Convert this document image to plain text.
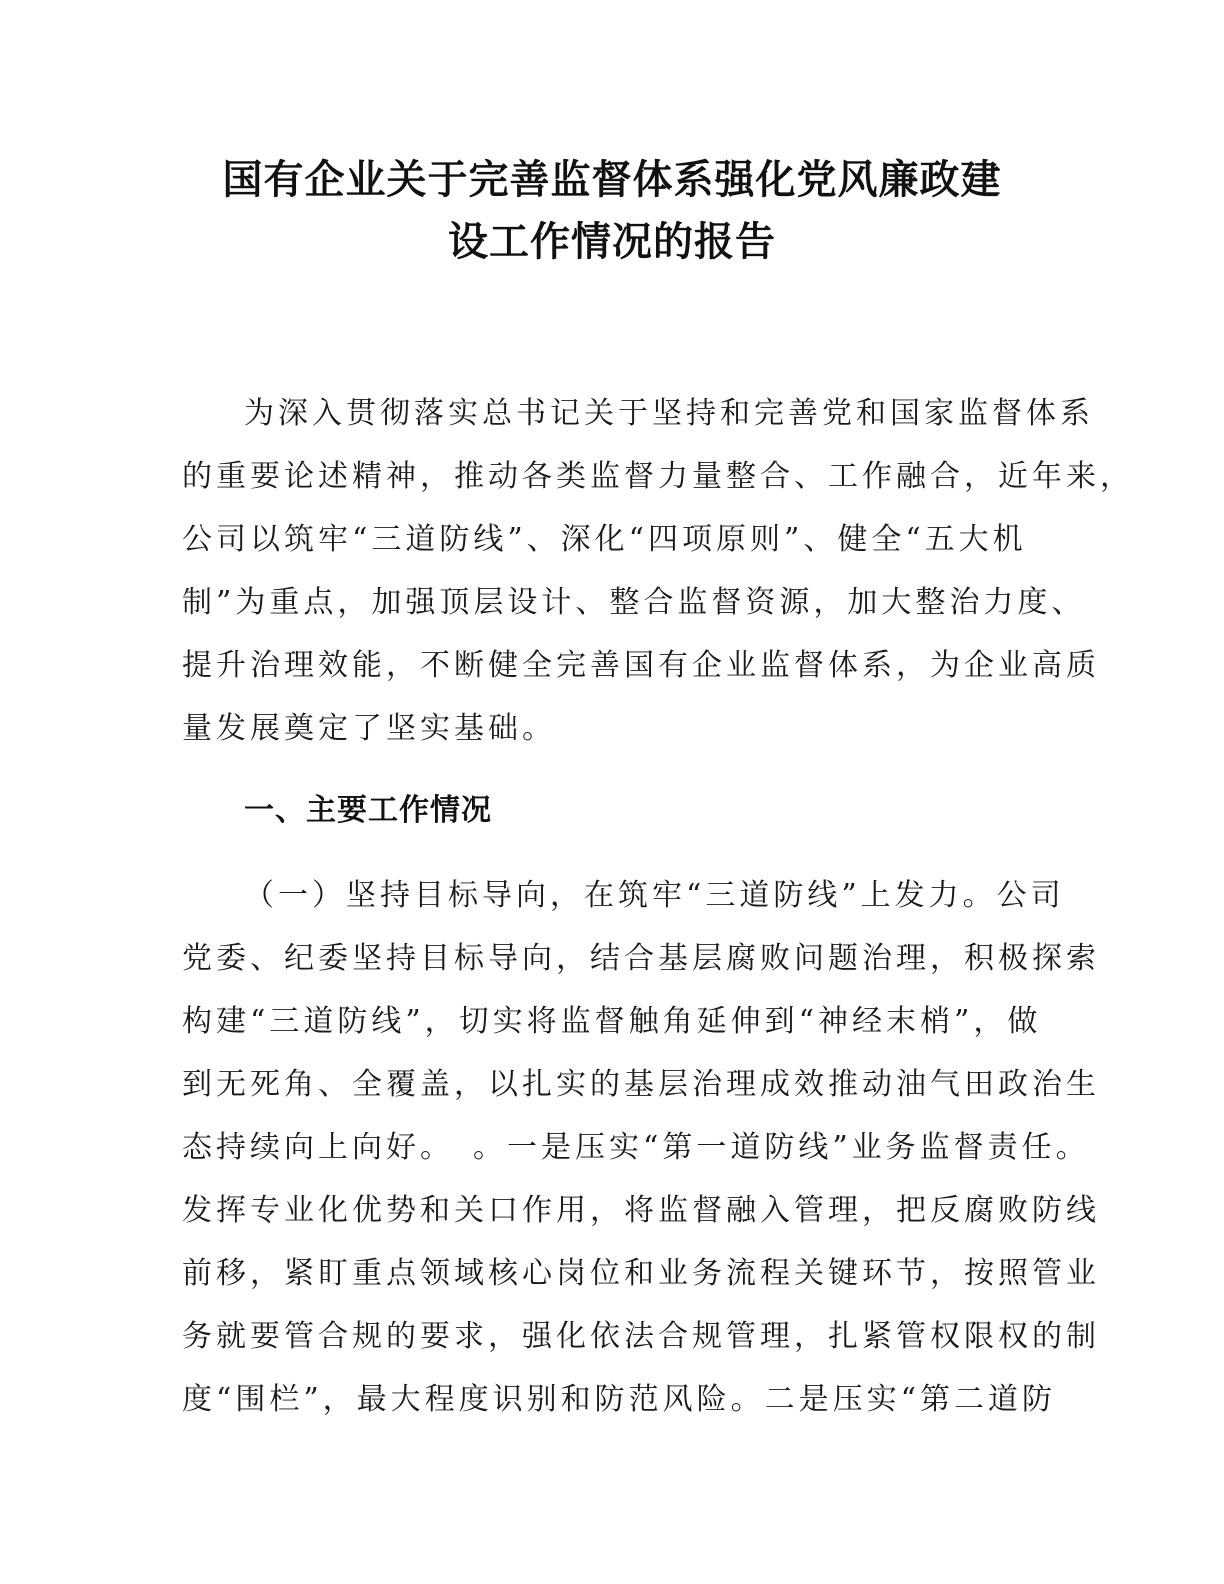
国有企业关于完善监督体系强化党风廉政建
设工作情况的报告
为深入贯彻落实总书记关于坚持和完善党和国家监督体系
的重要论述精神，推动各类监督力量整合、工作融合，近年来，
公司以筑牢“三道防线”、深化“四项原则”、健全“五大机
制”为重点，加强顶层设计、整合监督资源，加大整治力度、
提升治理效能，不断健全完善国有企业监督体系，为企业高质
量发展奠定了坚实基础。
一、主要工作情况
（一）坚持目标导向，在筑牢“三道防线”上发力。公司
党委、纪委坚持目标导向，结合基层腐败问题治理，积极探索
构建“三道防线”，切实将监督触角延伸到“神经末梢”，做
到无死角、全覆盖，以扎实的基层治理成效推动油气田政治生
态持续向上向好。　。一是压实“第一道防线”业务监督责任。
发挥专业化优势和关口作用，将监督融入管理，把反腐败防线
前移，紧盯重点领域核心岗位和业务流程关键环节，按照管业
务就要管合规的要求，强化依法合规管理，扎紧管权限权的制
度“围栏”，最大程度识别和防范风险。二是压实“第二道防
